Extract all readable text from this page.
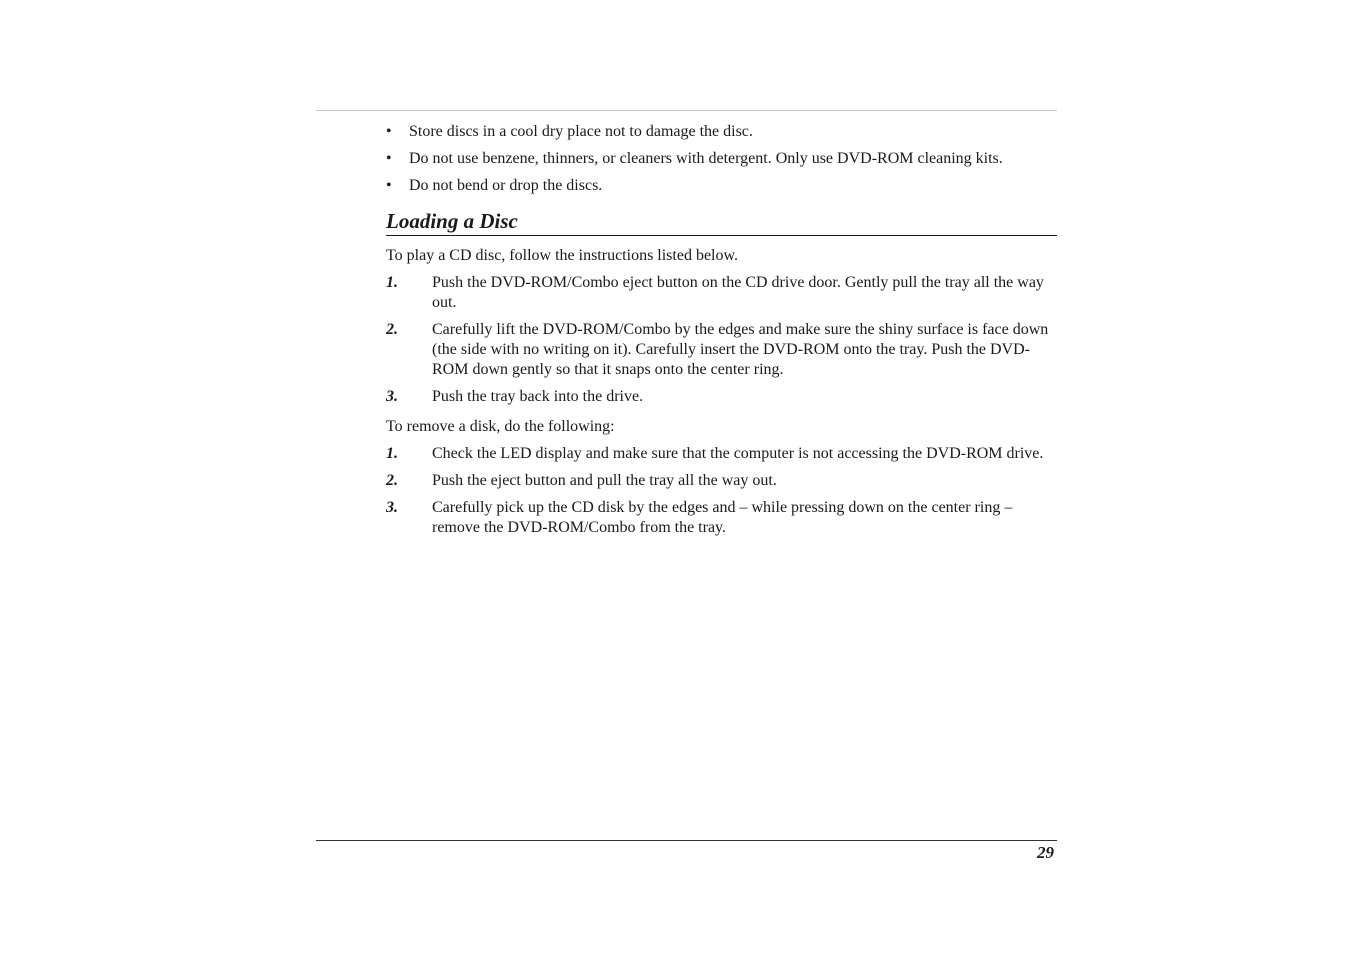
• Store discs in a cool dry place not to damage the disc.
• Do not use benzene, thinners, or cleaners with detergent. Only use DVD-ROM cleaning kits.
• Do not bend or drop the discs.
Loading a Disc

To play a CD disc, follow the instructions listed below.

1. Push the DVD-ROM/Combo eject button on the CD drive door. Gently pull the tray all the way out.
2. Carefully lift the DVD-ROM/Combo by the edges and make sure the shiny surface is face down (the side with no writing on it). Carefully insert the DVD-ROM onto the tray. Push the DVD-ROM down gently so that it snaps onto the center ring.
3. Push the tray back into the drive.

To remove a disk, do the following:

1. Check the LED display and make sure that the computer is not accessing the DVD-ROM drive.
2. Push the eject button and pull the tray all the way out.
3. Carefully pick up the CD disk by the edges and – while pressing down on the center ring – remove the DVD-ROM/Combo from the tray.
29
